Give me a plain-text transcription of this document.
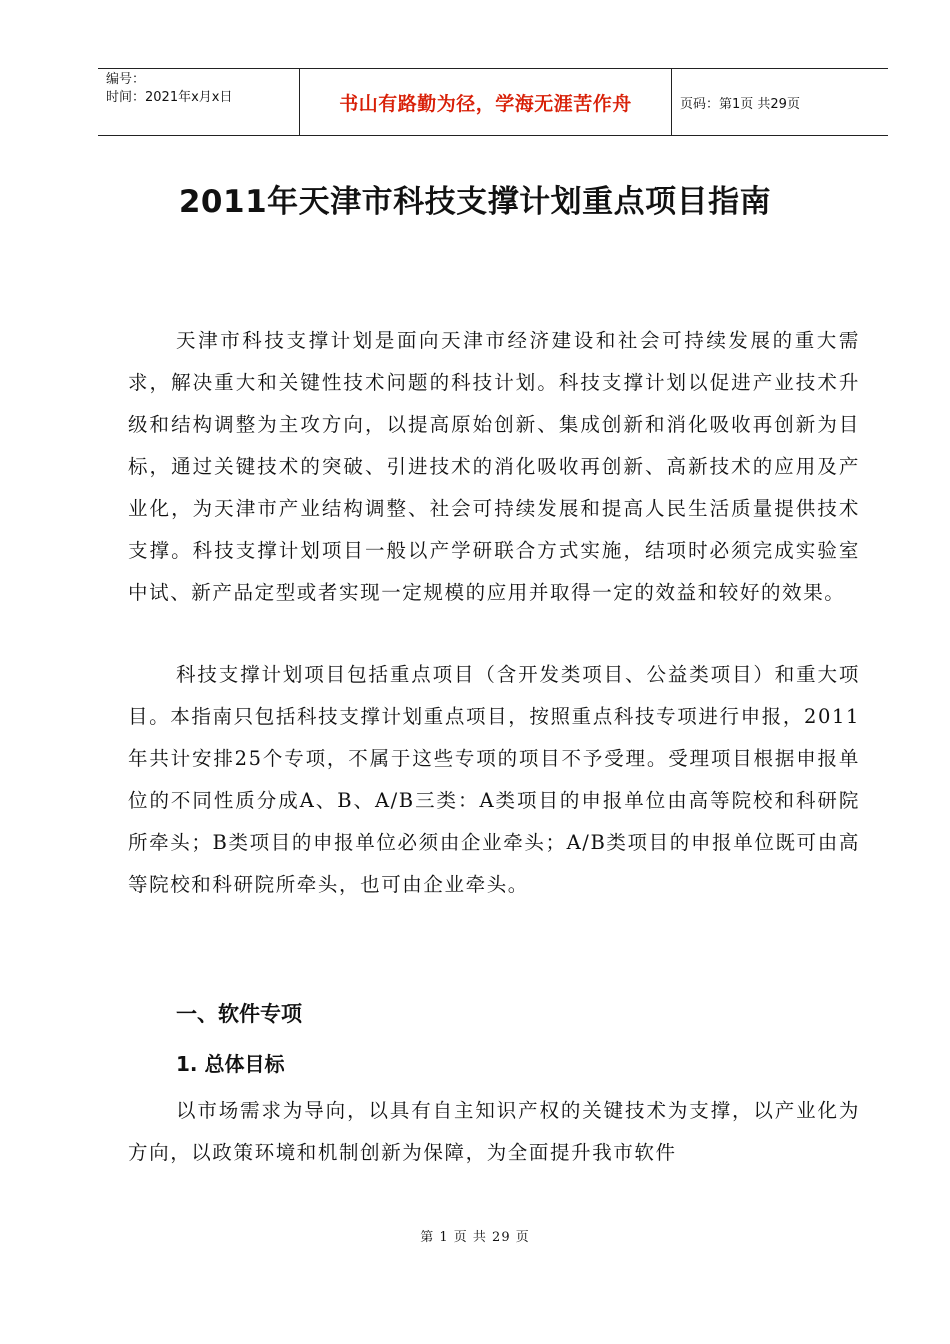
编号：
时间：2021年x月x日	书山有路勤为径，学海无涯苦作舟	页码：第1页 共29页
2011年天津市科技支撑计划重点项目指南

天津市科技支撑计划是面向天津市经济建设和社会可持续发展的重大需求，解决重大和关键性技术问题的科技计划。科技支撑计划以促进产业技术升级和结构调整为主攻方向，以提高原始创新、集成创新和消化吸收再创新为目标，通过关键技术的突破、引进技术的消化吸收再创新、高新技术的应用及产业化，为天津市产业结构调整、社会可持续发展和提高人民生活质量提供技术支撑。科技支撑计划项目一般以产学研联合方式实施，结项时必须完成实验室中试、新产品定型或者实现一定规模的应用并取得一定的效益和较好的效果。

科技支撑计划项目包括重点项目（含开发类项目、公益类项目）和重大项目。本指南只包括科技支撑计划重点项目，按照重点科技专项进行申报，2011年共计安排25个专项，不属于这些专项的项目不予受理。受理项目根据申报单位的不同性质分成A、B、A/B三类：A类项目的申报单位由高等院校和科研院所牵头；B类项目的申报单位必须由企业牵头；A/B类项目的申报单位既可由高等院校和科研院所牵头，也可由企业牵头。

一、软件专项
1. 总体目标

以市场需求为导向，以具有自主知识产权的关键技术为支撑，以产业化为方向，以政策环境和机制创新为保障，为全面提升我市软件

第 1 页 共 29 页
